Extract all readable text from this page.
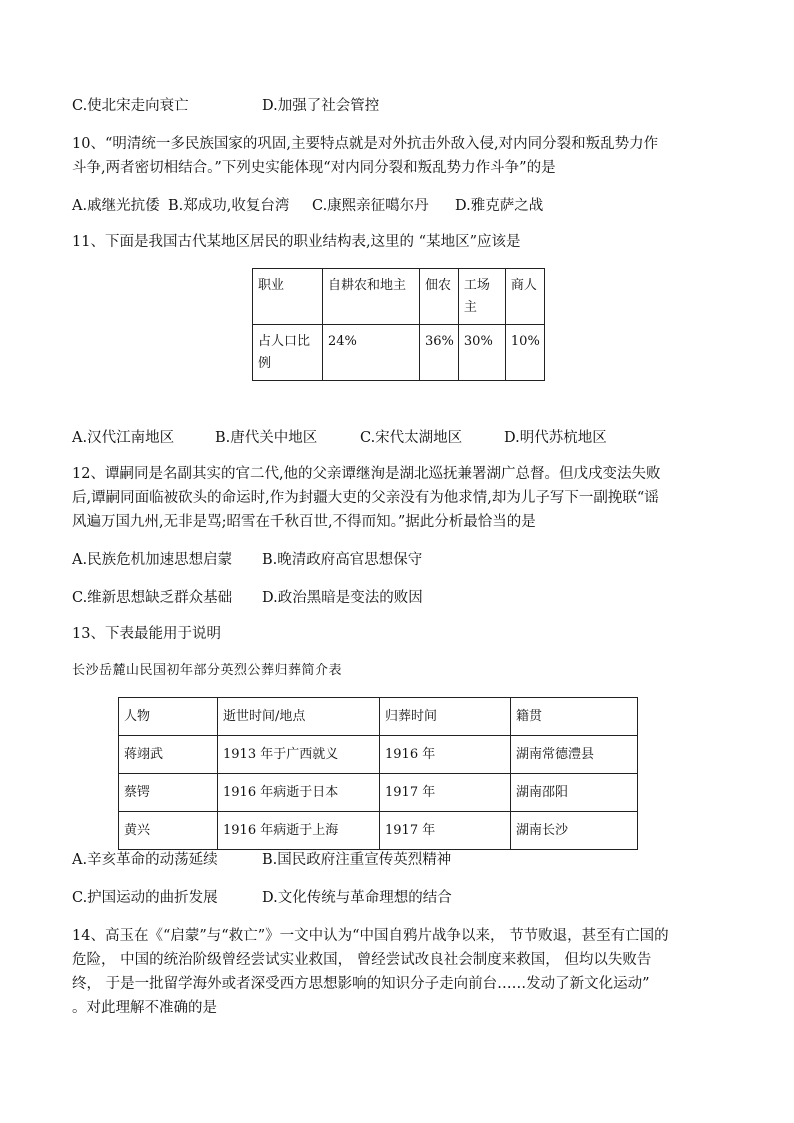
C.使北宋走向衰亡	D.加强了社会管控
10、“明清统一多民族国家的巩固,主要特点就是对外抗击外敌入侵,对内同分裂和叛乱势力作
斗争,两者密切相结合。”下列史实能体现“对内同分裂和叛乱势力作斗争”的是
A.戚继光抗倭 B.郑成功,收复台湾 C.康熙亲征噶尔丹 D.雅克萨之战
11、下面是我国古代某地区居民的职业结构表,这里的 “某地区”应该是
职业	自耕农和地主	佃农	工场主	商人
占人口比例	24%	36%	30%	10%
A.汉代江南地区	B.唐代关中地区	C.宋代太湖地区	D.明代苏杭地区
12、谭嗣同是名副其实的官二代,他的父亲谭继洵是湖北巡抚兼署湖广总督。但戊戌变法失败
后,谭嗣同面临被砍头的命运时,作为封疆大吏的父亲没有为他求情,却为儿子写下一副挽联“谣
风遍万国九州,无非是骂;昭雪在千秋百世,不得而知。”据此分析最恰当的是
A.民族危机加速思想启蒙 B.晚清政府高官思想保守
C.维新思想缺乏群众基础 D.政治黑暗是变法的败因
13、下表最能用于说明
长沙岳麓山民国初年部分英烈公葬归葬简介表
人物	逝世时间/地点	归葬时间	籍贯
蒋翊武	1913 年于广西就义	1916 年	湖南常德澧县
蔡锷	1916 年病逝于日本	1917 年	湖南邵阳
黄兴	1916 年病逝于上海	1917 年	湖南长沙
A.辛亥革命的动荡延续	B.国民政府注重宣传英烈精神
C.护国运动的曲折发展	D.文化传统与革命理想的结合
14、高玉在《“启蒙”与“救亡”》一文中认为“中国自鸦片战争以来， 节节败退，甚至有亡国的
危险， 中国的统治阶级曾经尝试实业救国， 曾经尝试改良社会制度来救国， 但均以失败告
终， 于是一批留学海外或者深受西方思想影响的知识分子走向前台……发动了新文化运动”
。对此理解不准确的是
